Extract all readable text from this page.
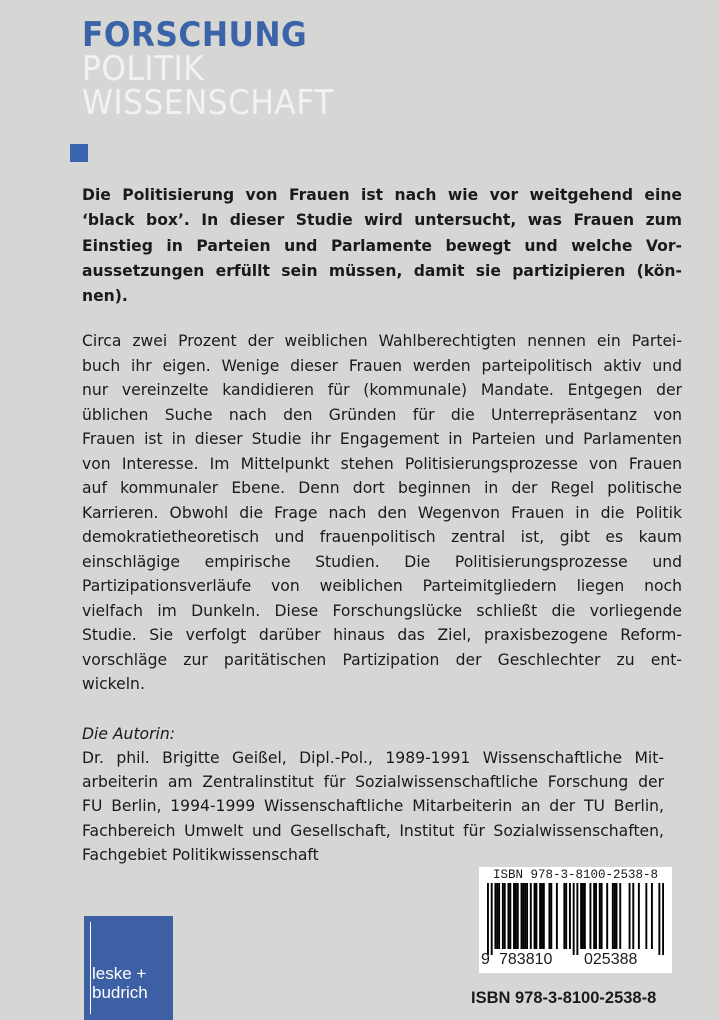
FORSCHUNG
POLITIK
WISSENSCHAFT
Die Politisierung von Frauen ist nach wie vor weitgehend eine
‘black box’. In dieser Studie wird untersucht, was Frauen zum
Einstieg in Parteien und Parlamente bewegt und welche Vor-
aussetzungen erfüllt sein müssen, damit sie partizipieren (kön-
nen).
Circa zwei Prozent der weiblichen Wahlberechtigten nennen ein Partei-
buch ihr eigen. Wenige dieser Frauen werden parteipolitisch aktiv und
nur vereinzelte kandidieren für (kommunale) Mandate. Entgegen der
üblichen Suche nach den Gründen für die Unterrepräsentanz von
Frauen ist in dieser Studie ihr Engagement in Parteien und Parlamenten
von Interesse. Im Mittelpunkt stehen Politisierungsprozesse von Frauen
auf kommunaler Ebene. Denn dort beginnen in der Regel politische
Karrieren. Obwohl die Frage nach den Wegenvon Frauen in die Politik
demokratietheoretisch und frauenpolitisch zentral ist, gibt es kaum
einschlägige empirische Studien. Die Politisierungsprozesse und
Partizipationsverläufe von weiblichen Parteimitgliedern liegen noch
vielfach im Dunkeln. Diese Forschungslücke schließt die vorliegende
Studie. Sie verfolgt darüber hinaus das Ziel, praxisbezogene Reform-
vorschläge zur paritätischen Partizipation der Geschlechter zu ent-
wickeln.
Die Autorin:
Dr. phil. Brigitte Geißel, Dipl.-Pol., 1989-1991 Wissenschaftliche Mit-
arbeiterin am Zentralinstitut für Sozialwissenschaftliche Forschung der
FU Berlin, 1994-1999 Wissenschaftliche Mitarbeiterin an der TU Berlin,
Fachbereich Umwelt und Gesellschaft, Institut für Sozialwissenschaften,
Fachgebiet Politikwissenschaft
leske +
budrich
ISBN 978-3-8100-2538-8
9 783810 025388
ISBN 978-3-8100-2538-8
